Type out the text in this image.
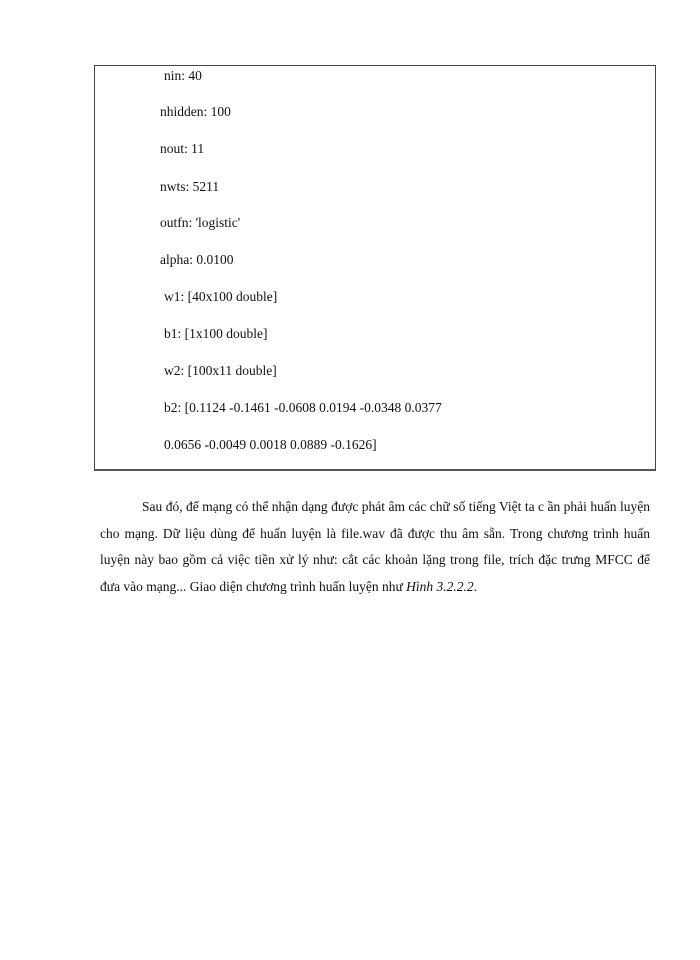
nin: 40

nhidden: 100

nout: 11

nwts: 5211

outfn: 'logistic'

alpha: 0.0100

w1: [40x100 double]

b1: [1x100 double]

w2: [100x11 double]

b2: [0.1124 -0.1461 -0.0608 0.0194 -0.0348 0.0377

0.0656 -0.0049 0.0018 0.0889 -0.1626]

Sau đó, để mạng có thể nhận dạng được phát âm các chữ số tiếng Việt ta c ần phải huấn luyện cho mạng. Dữ liệu dùng để huấn luyện là file.wav đã được thu âm sẵn. Trong chương trình huấn luyện này bao gồm cả việc tiền xử lý như: cắt các khoản lặng trong file, trích đặc trưng MFCC để đưa vào mạng... Giao diện chương trình huấn luyện như Hình 3.2.2.2.
